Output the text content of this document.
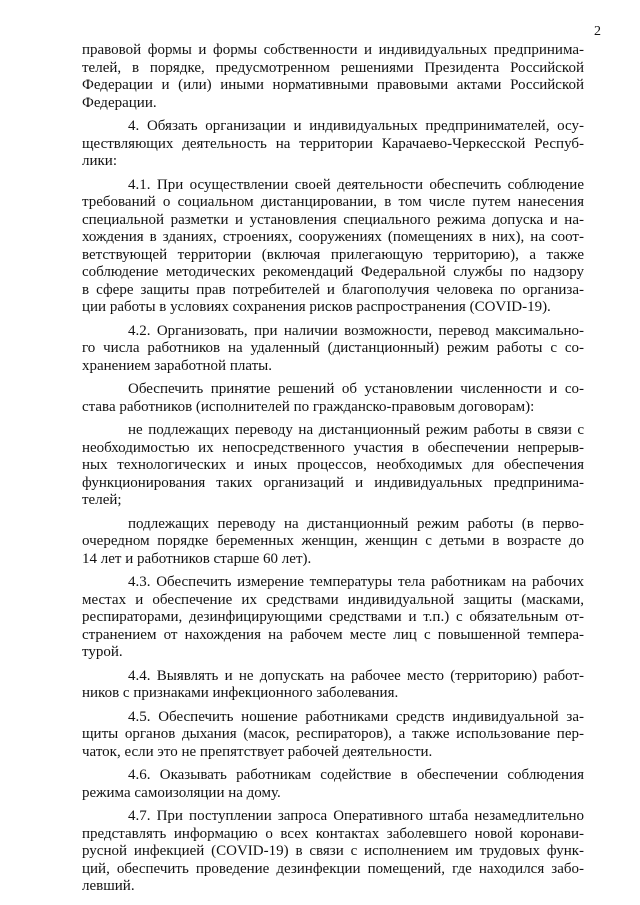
2
правовой формы и формы собственности и индивидуальных предпринима-
телей, в порядке, предусмотренном решениями Президента Российской
Федерации и (или) иными нормативными правовыми актами Российской
Федерации.
4. Обязать организации и индивидуальных предпринимателей, осу-
ществляющих деятельность на территории Карачаево-Черкесской Респуб-
лики:
4.1. При осуществлении своей деятельности обеспечить соблюдение
требований о социальном дистанцировании, в том числе путем нанесения
специальной разметки и установления специального режима допуска и на-
хождения в зданиях, строениях, сооружениях (помещениях в них), на соот-
ветствующей территории (включая прилегающую территорию), а также
соблюдение методических рекомендаций Федеральной службы по надзору
в сфере защиты прав потребителей и благополучия человека по организа-
ции работы в условиях сохранения рисков распространения (COVID-19).
4.2. Организовать, при наличии возможности, перевод максимально-
го числа работников на удаленный (дистанционный) режим работы с со-
хранением заработной платы.
Обеспечить принятие решений об установлении численности и со-
става работников (исполнителей по гражданско-правовым договорам):
не подлежащих переводу на дистанционный режим работы в связи с
необходимостью их непосредственного участия в обеспечении непрерыв-
ных технологических и иных процессов, необходимых для обеспечения
функционирования таких организаций и индивидуальных предпринима-
телей;
подлежащих переводу на дистанционный режим работы (в перво-
очередном порядке беременных женщин, женщин с детьми в возрасте до
14 лет и работников старше 60 лет).
4.3. Обеспечить измерение температуры тела работникам на рабочих
местах и обеспечение их средствами индивидуальной защиты (масками,
респираторами, дезинфицирующими средствами и т.п.) с обязательным от-
странением от нахождения на рабочем месте лиц с повышенной темпера-
турой.
4.4. Выявлять и не допускать на рабочее место (территорию) работ-
ников с признаками инфекционного заболевания.
4.5. Обеспечить ношение работниками средств индивидуальной за-
щиты органов дыхания (масок, респираторов), а также использование пер-
чаток, если это не препятствует рабочей деятельности.
4.6. Оказывать работникам содействие в обеспечении соблюдения
режима самоизоляции на дому.
4.7. При поступлении запроса Оперативного штаба незамедлительно
представлять информацию о всех контактах заболевшего новой коронави-
русной инфекцией (COVID-19) в связи с исполнением им трудовых функ-
ций, обеспечить проведение дезинфекции помещений, где находился забо-
левший.
